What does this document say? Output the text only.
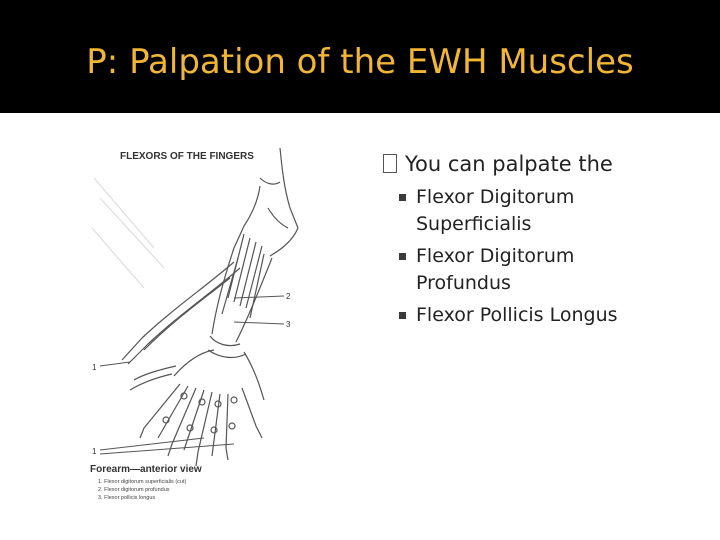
P: Palpation of the EWH Muscles
FLEXORS OF THE FINGERS
1
2
3
1
Forearm—anterior view
1. Flexor digitorum superficialis (cut)
2. Flexor digitorum profundus
3. Flexor pollicis longus
You can palpate the
Flexor Digitorum
Superficialis
Flexor Digitorum
Profundus
Flexor Pollicis Longus
